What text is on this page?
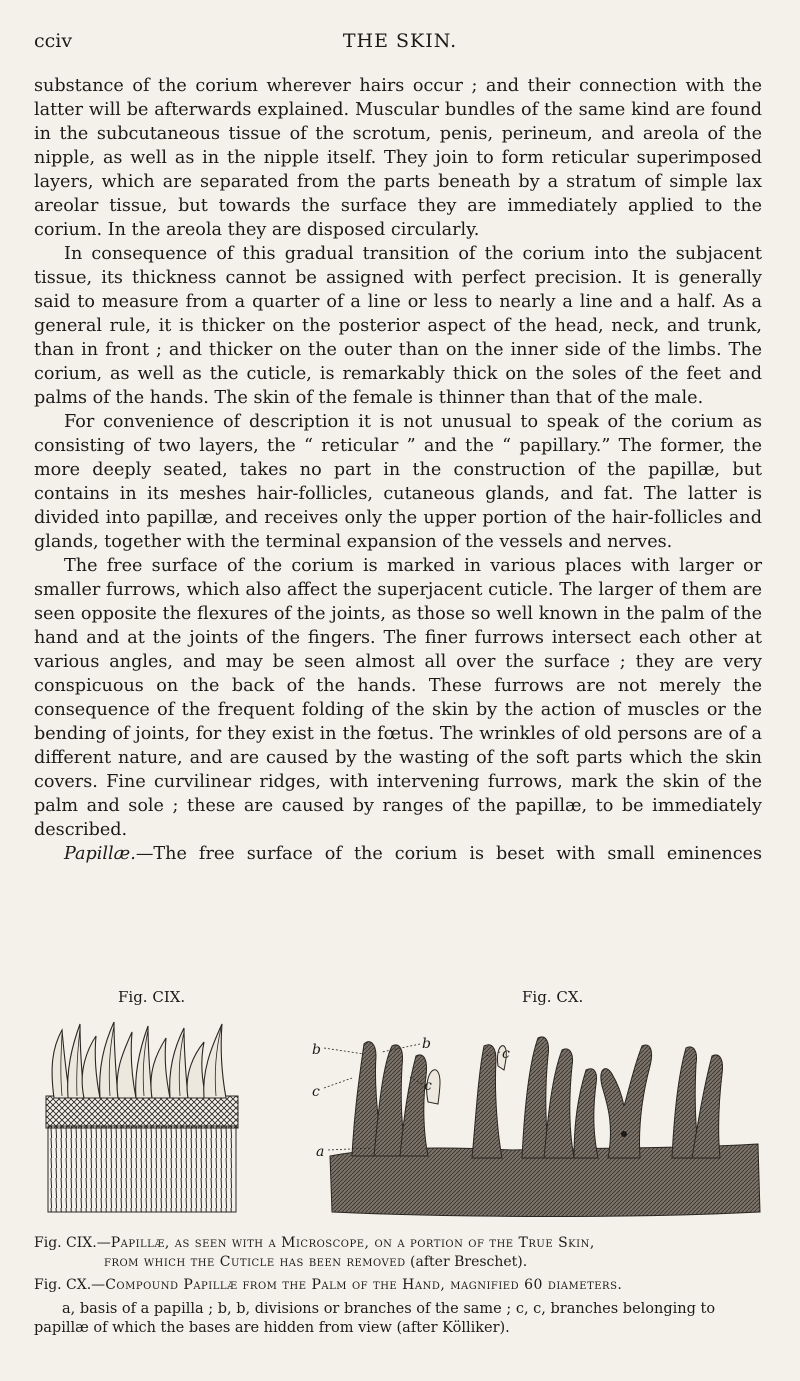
cciv	THE SKIN.

substance of the corium wherever hairs occur ; and their connection with the latter will be afterwards explained. Muscular bundles of the same kind are found in the subcutaneous tissue of the scrotum, penis, perineum, and areola of the nipple, as well as in the nipple itself. They join to form reticular superimposed layers, which are separated from the parts beneath by a stratum of simple lax areolar tissue, but towards the surface they are immediately applied to the corium. In the areola they are disposed circularly.

In consequence of this gradual transition of the corium into the subjacent tissue, its thickness cannot be assigned with perfect precision. It is generally said to measure from a quarter of a line or less to nearly a line and a half. As a general rule, it is thicker on the posterior aspect of the head, neck, and trunk, than in front ; and thicker on the outer than on the inner side of the limbs. The corium, as well as the cuticle, is remarkably thick on the soles of the feet and palms of the hands. The skin of the female is thinner than that of the male.

For convenience of description it is not unusual to speak of the corium as consisting of two layers, the “ reticular ” and the “ papillary.” The former, the more deeply seated, takes no part in the construction of the papillæ, but contains in its meshes hair-follicles, cutaneous glands, and fat. The latter is divided into papillæ, and receives only the upper portion of the hair-follicles and glands, together with the terminal expansion of the vessels and nerves.

The free surface of the corium is marked in various places with larger or smaller furrows, which also affect the superjacent cuticle. The larger of them are seen opposite the flexures of the joints, as those so well known in the palm of the hand and at the joints of the fingers. The finer furrows intersect each other at various angles, and may be seen almost all over the surface ; they are very conspicuous on the back of the hands. These furrows are not merely the consequence of the frequent folding of the skin by the action of muscles or the bending of joints, for they exist in the fœtus. The wrinkles of old persons are of a different nature, and are caused by the wasting of the soft parts which the skin covers. Fine curvilinear ridges, with intervening furrows, mark the skin of the palm and sole ; these are caused by ranges of the papillæ, to be immediately described.

Papillæ.—The free surface of the corium is beset with small eminences

Fig. CIX.	Fig. CX.
b	b
c	c
c
a
Fig. CIX.—Papillæ, as seen with a Microscope, on a portion of the True Skin,
from which the Cuticle has been removed (after Breschet).
Fig. CX.—Compound Papillæ from the Palm of the Hand, magnified 60 diameters.
a, basis of a papilla ; b, b, divisions or branches of the same ; c, c, branches belonging to papillæ of which the bases are hidden from view (after Kölliker).
